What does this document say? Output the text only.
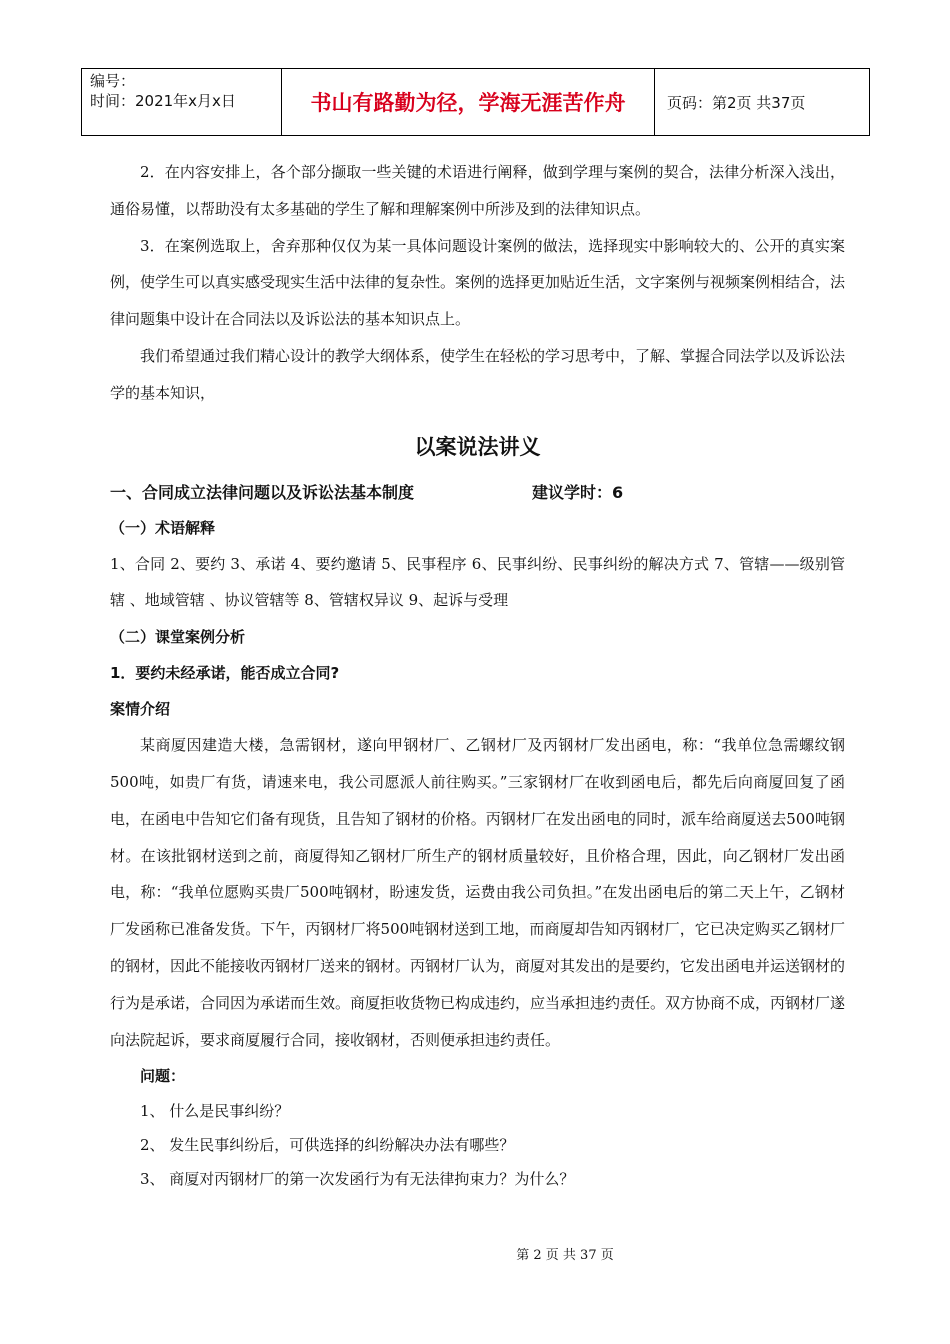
编号：
时间：2021年x月x日	书山有路勤为径，学海无涯苦作舟	页码：第2页 共37页

2．在内容安排上，各个部分撷取一些关键的术语进行阐释，做到学理与案例的契合，法律分析深入浅出，通俗易懂，以帮助没有太多基础的学生了解和理解案例中所涉及到的法律知识点。

3．在案例选取上，舍弃那种仅仅为某一具体问题设计案例的做法，选择现实中影响较大的、公开的真实案例，使学生可以真实感受现实生活中法律的复杂性。案例的选择更加贴近生活，文字案例与视频案例相结合，法律问题集中设计在合同法以及诉讼法的基本知识点上。

我们希望通过我们精心设计的教学大纲体系，使学生在轻松的学习思考中，了解、掌握合同法学以及诉讼法学的基本知识，

以案说法讲义
一、合同成立法律问题以及诉讼法基本制度	建议学时：6

（一）术语解释

1、合同 2、要约 3、承诺 4、要约邀请 5、民事程序 6、民事纠纷、民事纠纷的解决方式 7、管辖——级别管辖 、地域管辖 、协议管辖等 8、管辖权异议 9、起诉与受理

（二）课堂案例分析

1．要约未经承诺，能否成立合同?

案情介绍

某商厦因建造大楼，急需钢材，遂向甲钢材厂、乙钢材厂及丙钢材厂发出函电，称：“我单位急需螺纹钢500吨，如贵厂有货，请速来电，我公司愿派人前往购买。”三家钢材厂在收到函电后，都先后向商厦回复了函电，在函电中告知它们备有现货，且告知了钢材的价格。丙钢材厂在发出函电的同时，派车给商厦送去500吨钢材。在该批钢材送到之前，商厦得知乙钢材厂所生产的钢材质量较好，且价格合理，因此，向乙钢材厂发出函电，称：“我单位愿购买贵厂500吨钢材，盼速发货，运费由我公司负担。”在发出函电后的第二天上午，乙钢材厂发函称已准备发货。下午，丙钢材厂将500吨钢材送到工地，而商厦却告知丙钢材厂，它已决定购买乙钢材厂的钢材，因此不能接收丙钢材厂送来的钢材。丙钢材厂认为，商厦对其发出的是要约，它发出函电并运送钢材的行为是承诺，合同因为承诺而生效。商厦拒收货物已构成违约，应当承担违约责任。双方协商不成，丙钢材厂遂向法院起诉，要求商厦履行合同，接收钢材，否则便承担违约责任。

问题：

1、 什么是民事纠纷？

2、 发生民事纠纷后，可供选择的纠纷解决办法有哪些？

3、 商厦对丙钢材厂的第一次发函行为有无法律拘束力？为什么？

第 2 页 共 37 页
